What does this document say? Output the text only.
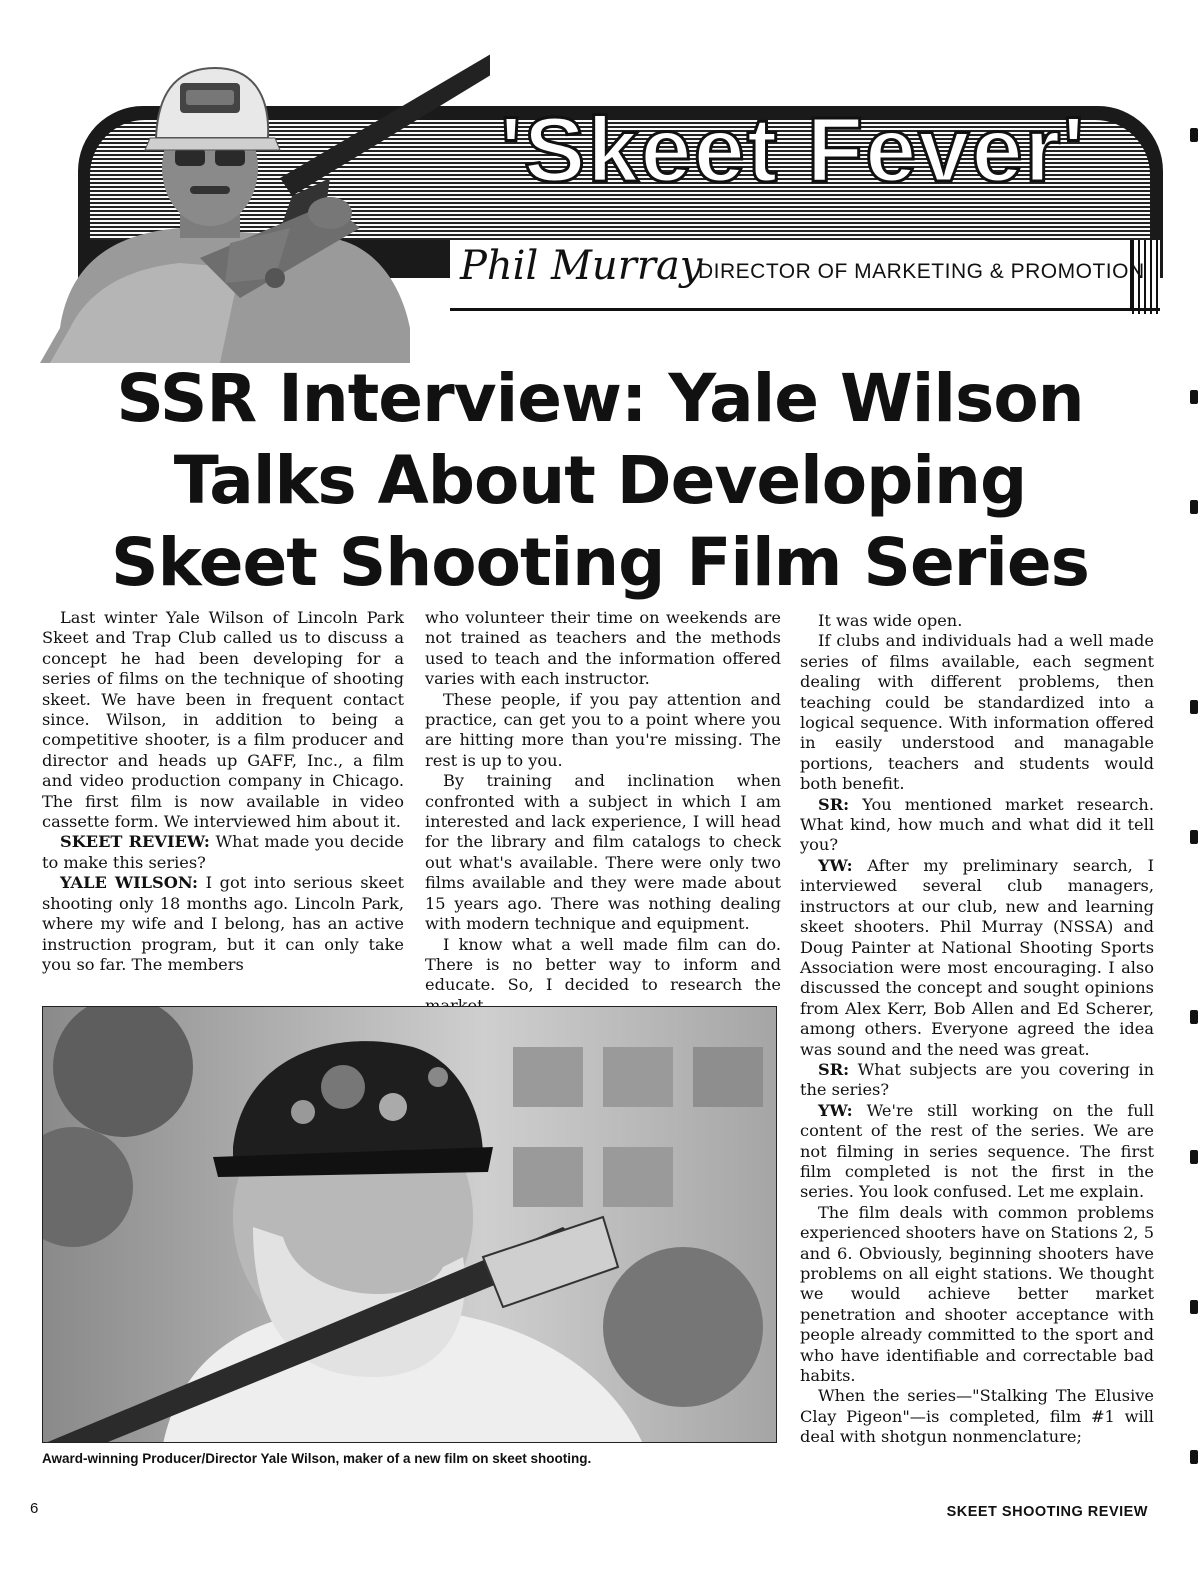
'Skeet Fever'
Phil Murray
DIRECTOR OF MARKETING & PROMOTION
SSR Interview: Yale Wilson
Talks About Developing
Skeet Shooting Film Series

Last winter Yale Wilson of Lincoln Park Skeet and Trap Club called us to discuss a concept he had been developing for a series of films on the technique of shooting skeet. We have been in frequent contact since. Wilson, in addition to being a competitive shooter, is a film producer and director and heads up GAFF, Inc., a film and video production company in Chicago. The first film is now available in video cassette form. We interviewed him about it.

SKEET REVIEW: What made you decide to make this series?

YALE WILSON: I got into serious skeet shooting only 18 months ago. Lincoln Park, where my wife and I belong, has an active instruction program, but it can only take you so far. The members

who volunteer their time on weekends are not trained as teachers and the methods used to teach and the information offered varies with each instructor.

These people, if you pay attention and practice, can get you to a point where you are hitting more than you're missing. The rest is up to you.

By training and inclination when confronted with a subject in which I am interested and lack experience, I will head for the library and film catalogs to check out what's available. There were only two films available and they were made about 15 years ago. There was nothing dealing with modern technique and equipment.

I know what a well made film can do. There is no better way to inform and educate. So, I decided to research the

It was wide open.

If clubs and individuals had a well made series of films available, each segment dealing with different problems, then teaching could be standardized into a logical sequence. With information offered in easily understood and managable portions, teachers and students would both benefit.

SR: You mentioned market research. What kind, how much and what did it tell you?

YW: After my preliminary search, I interviewed several club managers, instructors at our club, new and learning skeet shooters. Phil Murray (NSSA) and Doug Painter at National Shooting Sports Association were most encouraging. I also discussed the concept and sought opinions from Alex Kerr, Bob Allen and Ed Scherer, among others. Everyone agreed the idea was sound and the need was great.

SR: What subjects are you covering in the series?

YW: We're still working on the full content of the rest of the series. We are not filming in series sequence. The first film completed is not the first in the series. You look confused. Let me explain.

The film deals with common problems experienced shooters have on Stations 2, 5 and 6. Obviously, beginning shooters have problems on all eight stations. We thought we would achieve better market penetration and shooter acceptance with people already committed to the sport and who have identifiable and correctable bad habits.

When the series—"Stalking The Elusive Clay Pigeon"—is completed, film #1 will deal with shotgun nonmenclature;

Award-winning Producer/Director Yale Wilson, maker of a new film on skeet shooting.
6	SKEET SHOOTING REVIEW
